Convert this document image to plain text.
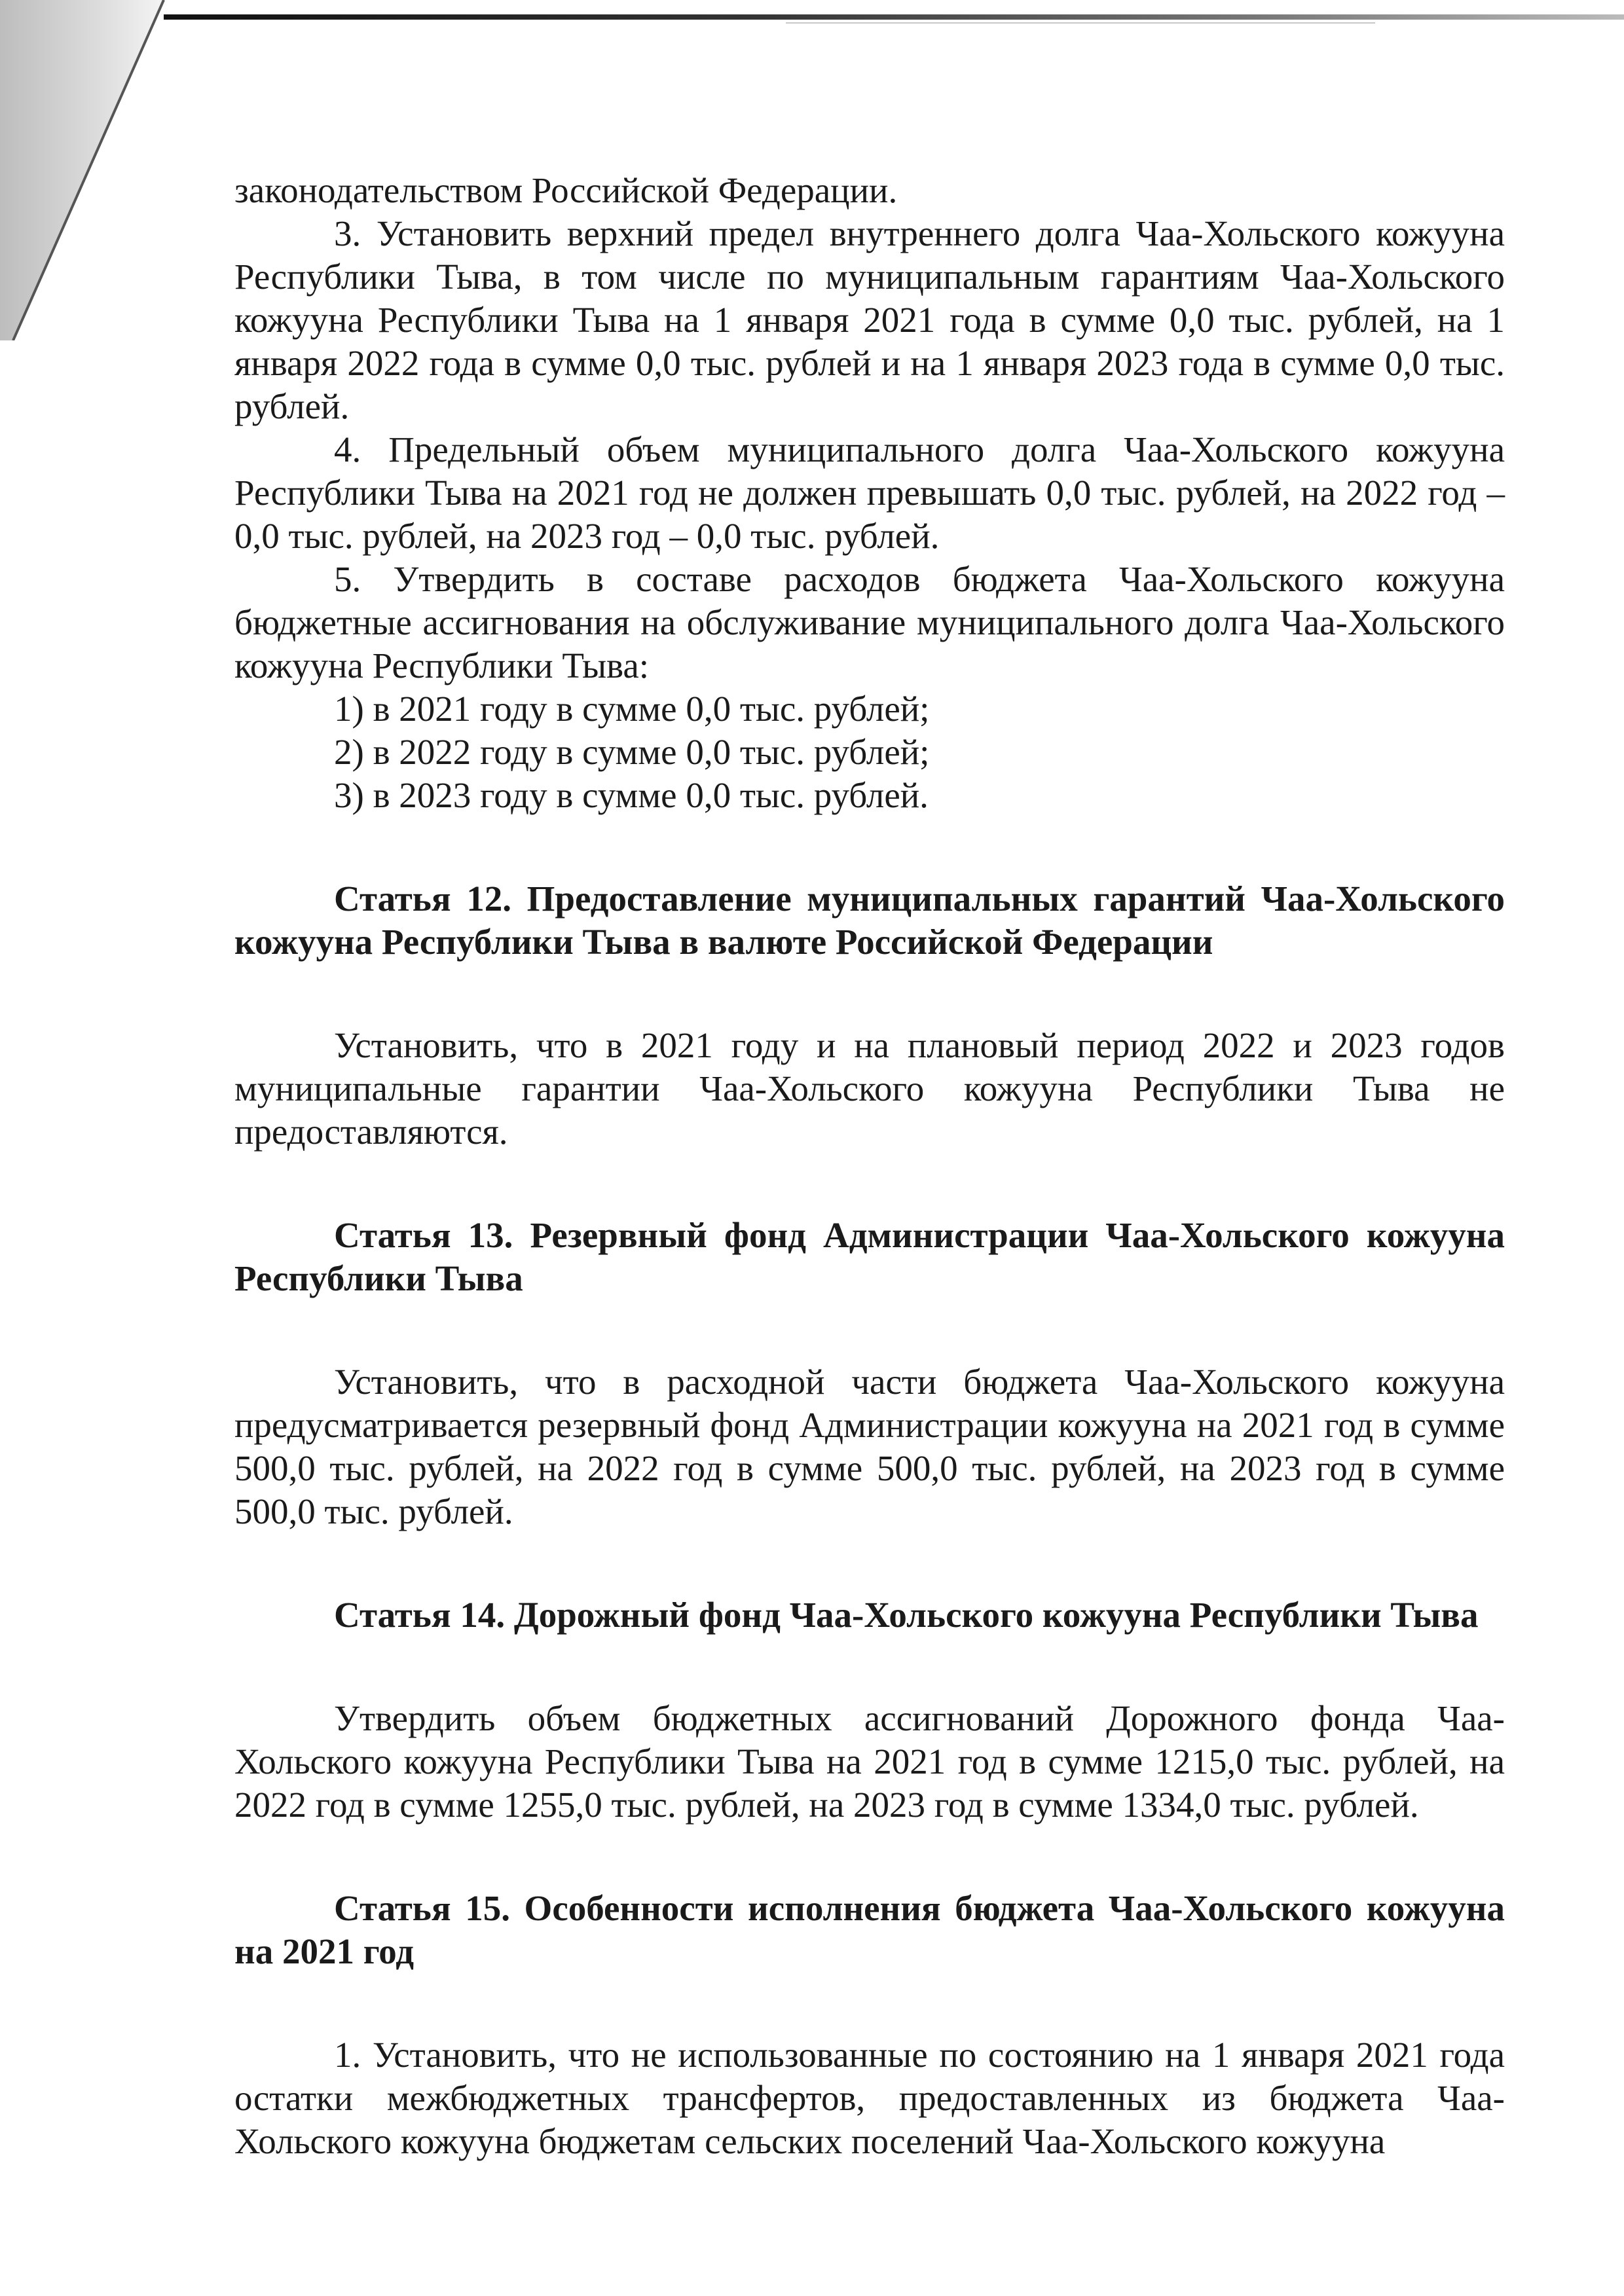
законодательством Российской Федерации.

3. Установить верхний предел внутреннего долга Чаа-Хольского кожууна Республики Тыва, в том числе по муниципальным гарантиям Чаа-Хольского кожууна Республики Тыва на 1 января 2021 года в сумме 0,0 тыс. рублей, на 1 января 2022 года в сумме 0,0 тыс. рублей и на 1 января 2023 года в сумме 0,0 тыс. рублей.

4. Предельный объем муниципального долга Чаа-Хольского кожууна Республики Тыва на 2021 год не должен превышать 0,0 тыс. рублей, на 2022 год – 0,0 тыс. рублей, на 2023 год – 0,0 тыс. рублей.

5. Утвердить в составе расходов бюджета Чаа-Хольского кожууна бюджетные ассигнования на обслуживание муниципального долга Чаа-Хольского кожууна Республики Тыва:

1) в 2021 году в сумме 0,0 тыс. рублей;

2) в 2022 году в сумме 0,0 тыс. рублей;

3) в 2023 году в сумме 0,0 тыс. рублей.

Статья 12. Предоставление муниципальных гарантий Чаа-Хольского кожууна Республики Тыва в валюте Российской Федерации

Установить, что в 2021 году и на плановый период 2022 и 2023 годов муниципальные гарантии Чаа-Хольского кожууна Республики Тыва не предоставляются.

Статья 13. Резервный фонд Администрации Чаа-Хольского кожууна Республики Тыва

Установить, что в расходной части бюджета Чаа-Хольского кожууна предусматривается резервный фонд Администрации кожууна на 2021 год в сумме 500,0 тыс. рублей, на 2022 год в сумме 500,0 тыс. рублей, на 2023 год в сумме 500,0 тыс. рублей.

Статья 14. Дорожный фонд Чаа-Хольского кожууна Республики Тыва

Утвердить объем бюджетных ассигнований Дорожного фонда Чаа-Хольского кожууна Республики Тыва на 2021 год в сумме 1215,0 тыс. рублей, на 2022 год в сумме 1255,0 тыс. рублей, на 2023 год в сумме 1334,0 тыс. рублей.

Статья 15. Особенности исполнения бюджета Чаа-Хольского кожууна на 2021 год

1. Установить, что не использованные по состоянию на 1 января 2021 года остатки межбюджетных трансфертов, предоставленных из бюджета Чаа-Хольского кожууна бюджетам сельских поселений Чаа-Хольского кожууна
